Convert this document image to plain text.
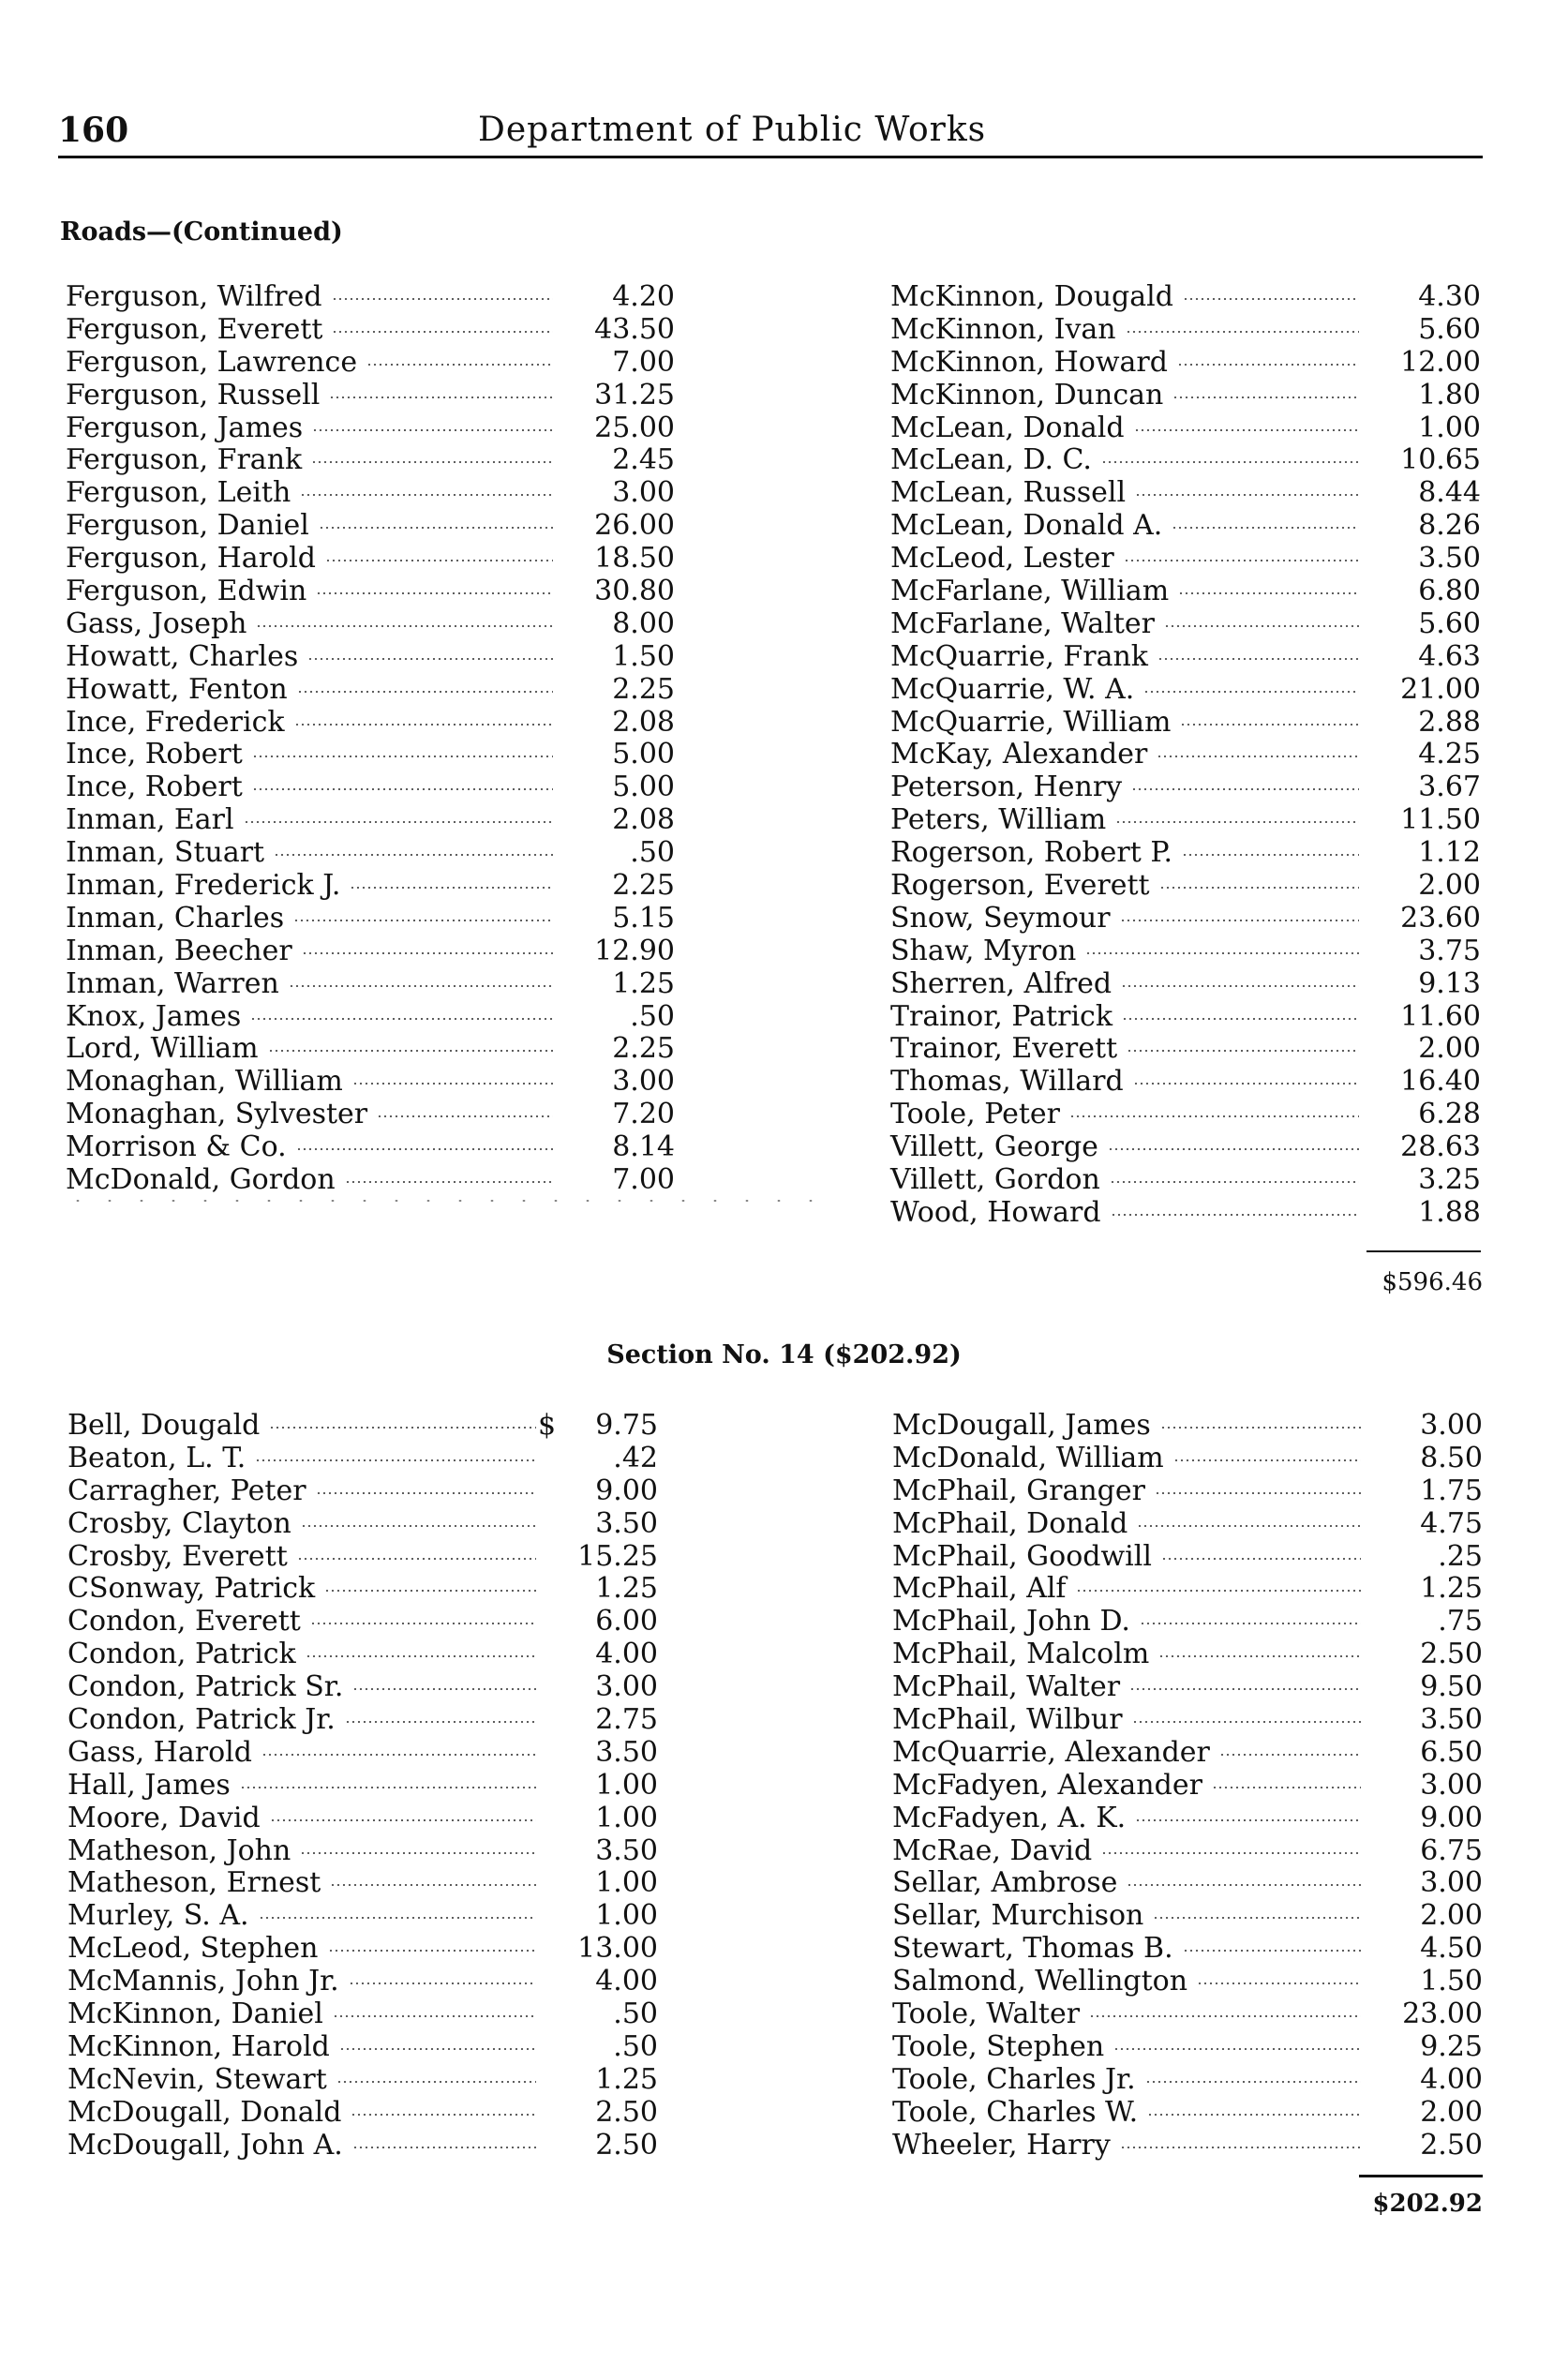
160	Department of Public Works
Roads—(Continued)
Ferguson, Wilfred	4.20
Ferguson, Everett	43.50
Ferguson, Lawrence	7.00
Ferguson, Russell	31.25
Ferguson, James	25.00
Ferguson, Frank	2.45
Ferguson, Leith	3.00
Ferguson, Daniel	26.00
Ferguson, Harold	18.50
Ferguson, Edwin	30.80
Gass, Joseph	8.00
Howatt, Charles	1.50
Howatt, Fenton	2.25
Ince, Frederick	2.08
Ince, Robert	5.00
Ince, Robert	5.00
Inman, Earl	2.08
Inman, Stuart	.50
Inman, Frederick J.	2.25
Inman, Charles	5.15
Inman, Beecher	12.90
Inman, Warren	1.25
Knox, James	.50
Lord, William	2.25
Monaghan, William	3.00
Monaghan, Sylvester	7.20
Morrison & Co.	8.14
McDonald, Gordon	7.00
McKinnon, Dougald	4.30
McKinnon, Ivan	5.60
McKinnon, Howard	12.00
McKinnon, Duncan	1.80
McLean, Donald	1.00
McLean, D. C.	10.65
McLean, Russell	8.44
McLean, Donald A.	8.26
McLeod, Lester	3.50
McFarlane, William	6.80
McFarlane, Walter	5.60
McQuarrie, Frank	4.63
McQuarrie, W. A.	21.00
McQuarrie, William	2.88
McKay, Alexander	4.25
Peterson, Henry	3.67
Peters, William	11.50
Rogerson, Robert P.	1.12
Rogerson, Everett	2.00
Snow, Seymour	23.60
Shaw, Myron	3.75
Sherren, Alfred	9.13
Trainor, Patrick	11.60
Trainor, Everett	2.00
Thomas, Willard	16.40
Toole, Peter	6.28
Villett, George	28.63
Villett, Gordon	3.25
Wood, Howard	1.88
$596.46
Section No. 14 ($202.92)
Bell, Dougald	9.75
$
Beaton, L. T.	.42
Carragher, Peter	9.00
Crosby, Clayton	3.50
Crosby, Everett	15.25
CSonway, Patrick	1.25
Condon, Everett	6.00
Condon, Patrick	4.00
Condon, Patrick Sr.	3.00
Condon, Patrick Jr.	2.75
Gass, Harold	3.50
Hall, James	1.00
Moore, David	1.00
Matheson, John	3.50
Matheson, Ernest	1.00
Murley, S. A.	1.00
McLeod, Stephen	13.00
McMannis, John Jr.	4.00
McKinnon, Daniel	.50
McKinnon, Harold	.50
McNevin, Stewart	1.25
McDougall, Donald	2.50
McDougall, John A.	2.50
McDougall, James	3.00
McDonald, William	8.50
McPhail, Granger	1.75
McPhail, Donald	4.75
McPhail, Goodwill	.25
McPhail, Alf	1.25
McPhail, John D.	.75
McPhail, Malcolm	2.50
McPhail, Walter	9.50
McPhail, Wilbur	3.50
McQuarrie, Alexander	6.50
McFadyen, Alexander	3.00
McFadyen, A. K.	9.00
McRae, David	6.75
Sellar, Ambrose	3.00
Sellar, Murchison	2.00
Stewart, Thomas B.	4.50
Salmond, Wellington	1.50
Toole, Walter	23.00
Toole, Stephen	9.25
Toole, Charles Jr.	4.00
Toole, Charles W.	2.00
Wheeler, Harry	2.50
$202.92
